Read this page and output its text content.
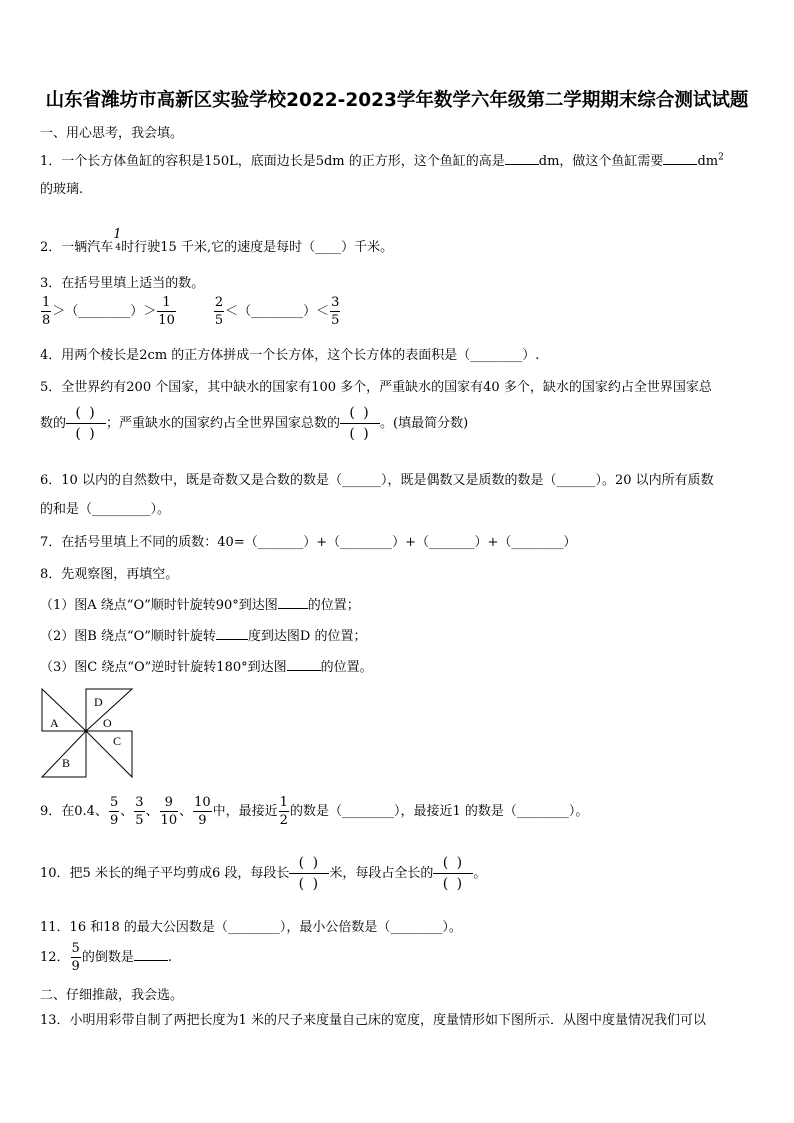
山东省潍坊市高新区实验学校2022-2023学年数学六年级第二学期期末综合测试试题
一、用心思考，我会填。
1．一个长方体鱼缸的容积是150L，底面边长是5dm 的正方形，这个鱼缸的高是	dm，做这个鱼缸需要	$dm^2$
的玻璃.
2．一辆汽车
1
4 时行驶15 千米,它的速度是每时（____）千米。
3．在括号里填上适当的数。
$\frac{1}{8}$ ＞（________）＞ $\frac{1}{10}$	$\frac{2}{5}$ ＜（________）＜ $\frac{3}{5}$
4．用两个棱长是2cm 的正方体拼成一个长方体，这个长方体的表面积是（________）.
5．全世界约有200 个国家，其中缺水的国家有100 多个，严重缺水的国家有40 多个，缺水的国家约占全世界国家总
数的
( )
( )
；严重缺水的国家约占全世界国家总数的
( )
( )
。(填最简分数)
6．10 以内的自然数中，既是奇数又是合数的数是（______），既是偶数又是质数的数是（______）。20 以内所有质数
的和是（_________）。
7．在括号里填上不同的质数：40=（_______）+（________）+（_______）+（________）
8．先观察图，再填空。
（1）图A 绕点“O”顺时针旋转90°到达图 的位置；
（2）图B 绕点“O”顺时针旋转 度到达图D 的位置；
（3）图C 绕点“O”逆时针旋转180°到达图	的位置。
A
D
O
C
B
9．在0.4、 $\frac{5}{9}$ 、 $\frac{3}{5}$ 、 $\frac{9}{10}$ 、 $\frac{10}{9}$ 中，最接近 $\frac{1}{2}$ 的数是（________），最接近1 的数是（________）。
10．把5 米长的绳子平均剪成6 段，每段长
( )
( )
米，每段占全长的
( )
( )
。
11．16 和18 的最大公因数是（________），最小公倍数是（________）。
12． $\frac{5}{9}$ 的倒数是	.
二、仔细推敲，我会选。
13．小明用彩带自制了两把长度为1 米的尺子来度量自己床的宽度，度量情形如下图所示．从图中度量情况我们可以
